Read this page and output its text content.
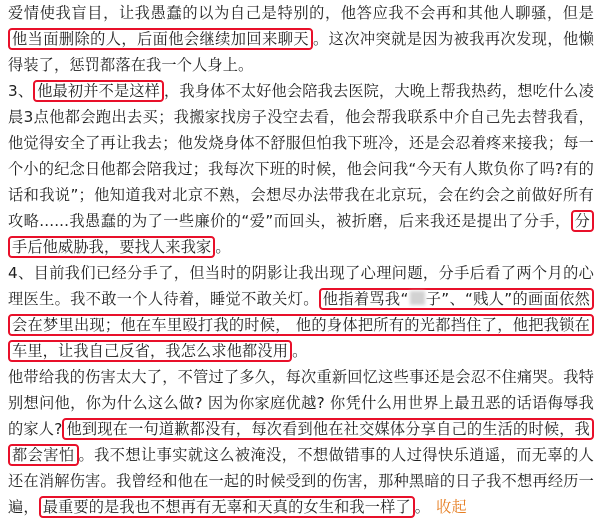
爱情使我盲目，让我愚蠢的以为自己是特别的，他答应我不会再和其他人聊骚，但是他当面删除的人，后面他会继续加回来聊天 。这次冲突就是因为被我再次发现，他懒得装了，惩罚都落在我一个人身上。

3、 他最初并不是这样 ，我身体不太好他会陪我去医院，大晚上帮我热药，想吃什么凌晨3点他都会跑出去买；我搬家找房子没空去看，他会帮我联系中介自己先去替我看，他觉得安全了再让我去；他发烧身体不舒服但怕我下班冷，还是会忍着疼来接我；每一个小的纪念日他都会陪我过；我每次下班的时候，他会问我“今天有人欺负你了吗?有的话和我说”；他知道我对北京不熟，会想尽办法带我在北京玩，会在约会之前做好所有攻略......我愚蠢的为了一些廉价的“爱”而回头，被折磨，后来我还是提出了分手， 分手后他威胁我，要找人来我家 。

4、目前我们已经分手了，但当时的阴影让我出现了心理问题，分手后看了两个月的心理医生。我不敢一个人待着，睡觉不敢关灯。 他指着骂我“ 子”、“贱人”的画面依然会在梦里出现；他在车里殴打我的时候， 他的身体把所有的光都挡住了，他把我锁在车里，让我自己反省，我怎么求他都没用 。

他带给我的伤害太大了，不管过了多久，每次重新回忆这些事还是会忍不住痛哭。我特别想问他，你为什么这么做? 因为你家庭优越? 你凭什么用世界上最丑恶的话语侮辱我的家人? 他到现在一句道歉都没有，每次看到他在社交媒体分享自己的生活的时候，我都会害怕 。我不想让事实就这么被淹没，不想做错事的人过得快乐逍遥，而无辜的人还在消解伤害。我曾经和他在一起的时候受到的伤害，那种黑暗的日子我不想再经历一遍， 最重要的是我也不想再有无辜和天真的女生和我一样了 。 收起
